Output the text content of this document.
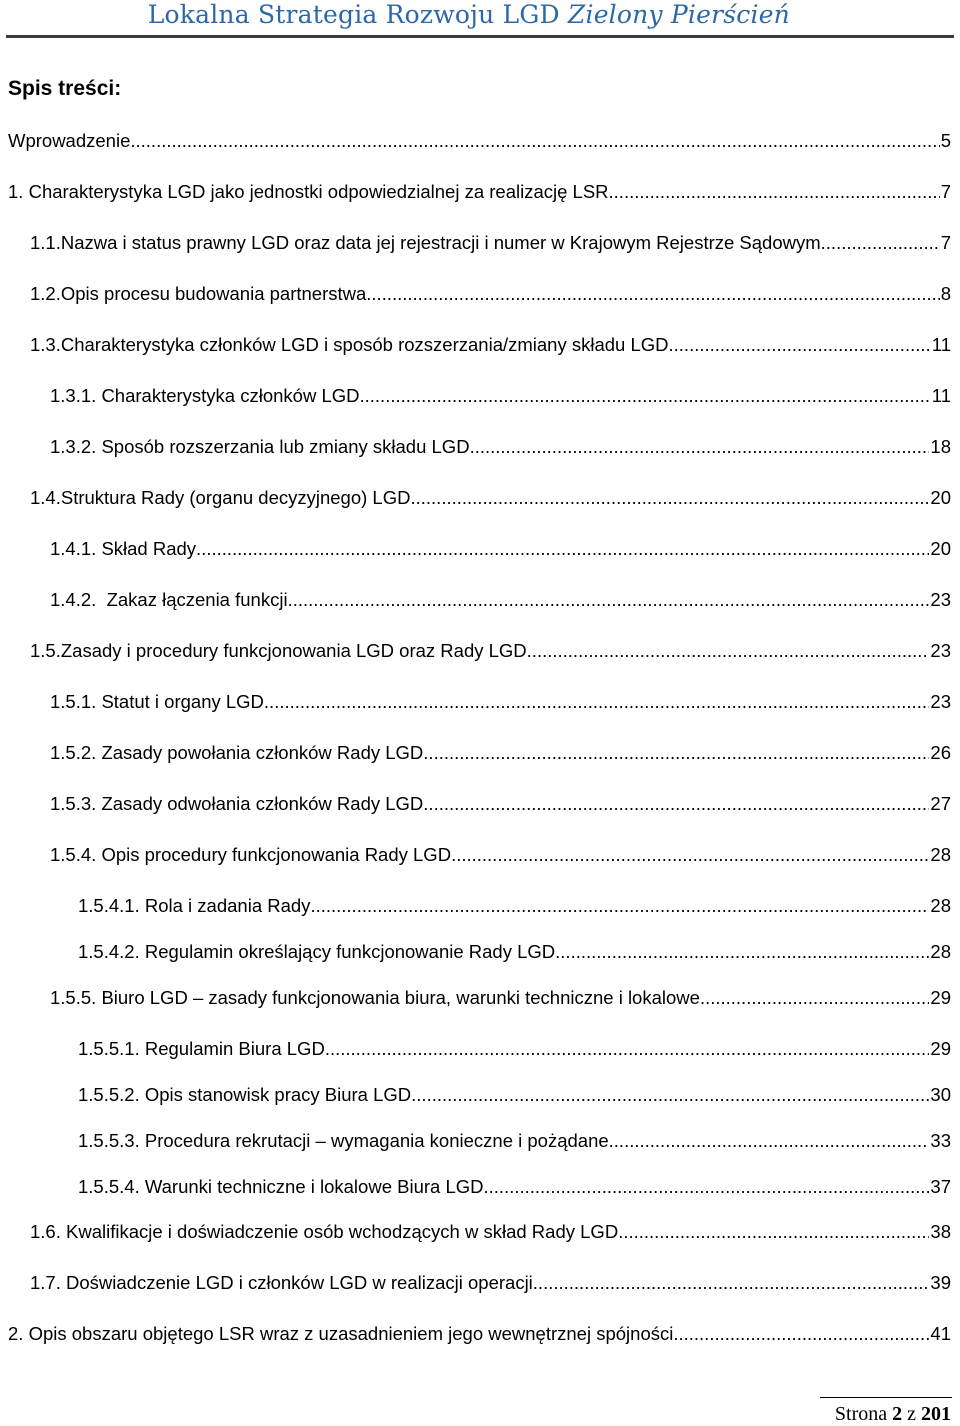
Lokalna Strategia Rozwoju LGD Zielony Pierścień
Spis treści:
Wprowadzenie .....	5
1. Charakterystyka LGD jako jednostki odpowiedzialnej za realizację LSR .....	7
1.1. Nazwa i status prawny LGD oraz data jej rejestracji i numer w Krajowym Rejestrze Sądowym .....	7
1.2. Opis procesu budowania partnerstwa .....	8
1.3. Charakterystyka członków LGD i sposób rozszerzania/zmiany składu LGD .....	11
1.3.1. Charakterystyka członków LGD .....	11
1.3.2. Sposób rozszerzania lub zmiany składu LGD .....	18
1.4. Struktura Rady (organu decyzyjnego) LGD .....	20
1.4.1. Skład Rady .....	20
1.4.2. Zakaz łączenia funkcji .....	23
1.5. Zasady i procedury funkcjonowania LGD oraz Rady LGD .....	23
1.5.1. Statut i organy LGD .....	23
1.5.2. Zasady powołania członków Rady LGD .....	26
1.5.3. Zasady odwołania członków Rady LGD .....	27
1.5.4. Opis procedury funkcjonowania Rady LGD .....	28
1.5.4.1. Rola i zadania Rady .....	28
1.5.4.2. Regulamin określający funkcjonowanie Rady LGD .....	28
1.5.5. Biuro LGD – zasady funkcjonowania biura, warunki techniczne i lokalowe .....	29
1.5.5.1. Regulamin Biura LGD .....	29
1.5.5.2. Opis stanowisk pracy Biura LGD .....	30
1.5.5.3. Procedura rekrutacji – wymagania konieczne i pożądane .....	33
1.5.5.4. Warunki techniczne i lokalowe Biura LGD .....	37
1.6. Kwalifikacje i doświadczenie osób wchodzących w skład Rady LGD .....	38
1.7. Doświadczenie LGD i członków LGD w realizacji operacji .....	39
2. Opis obszaru objętego LSR wraz z uzasadnieniem jego wewnętrznej spójności .....	41
Strona 2 z 201
